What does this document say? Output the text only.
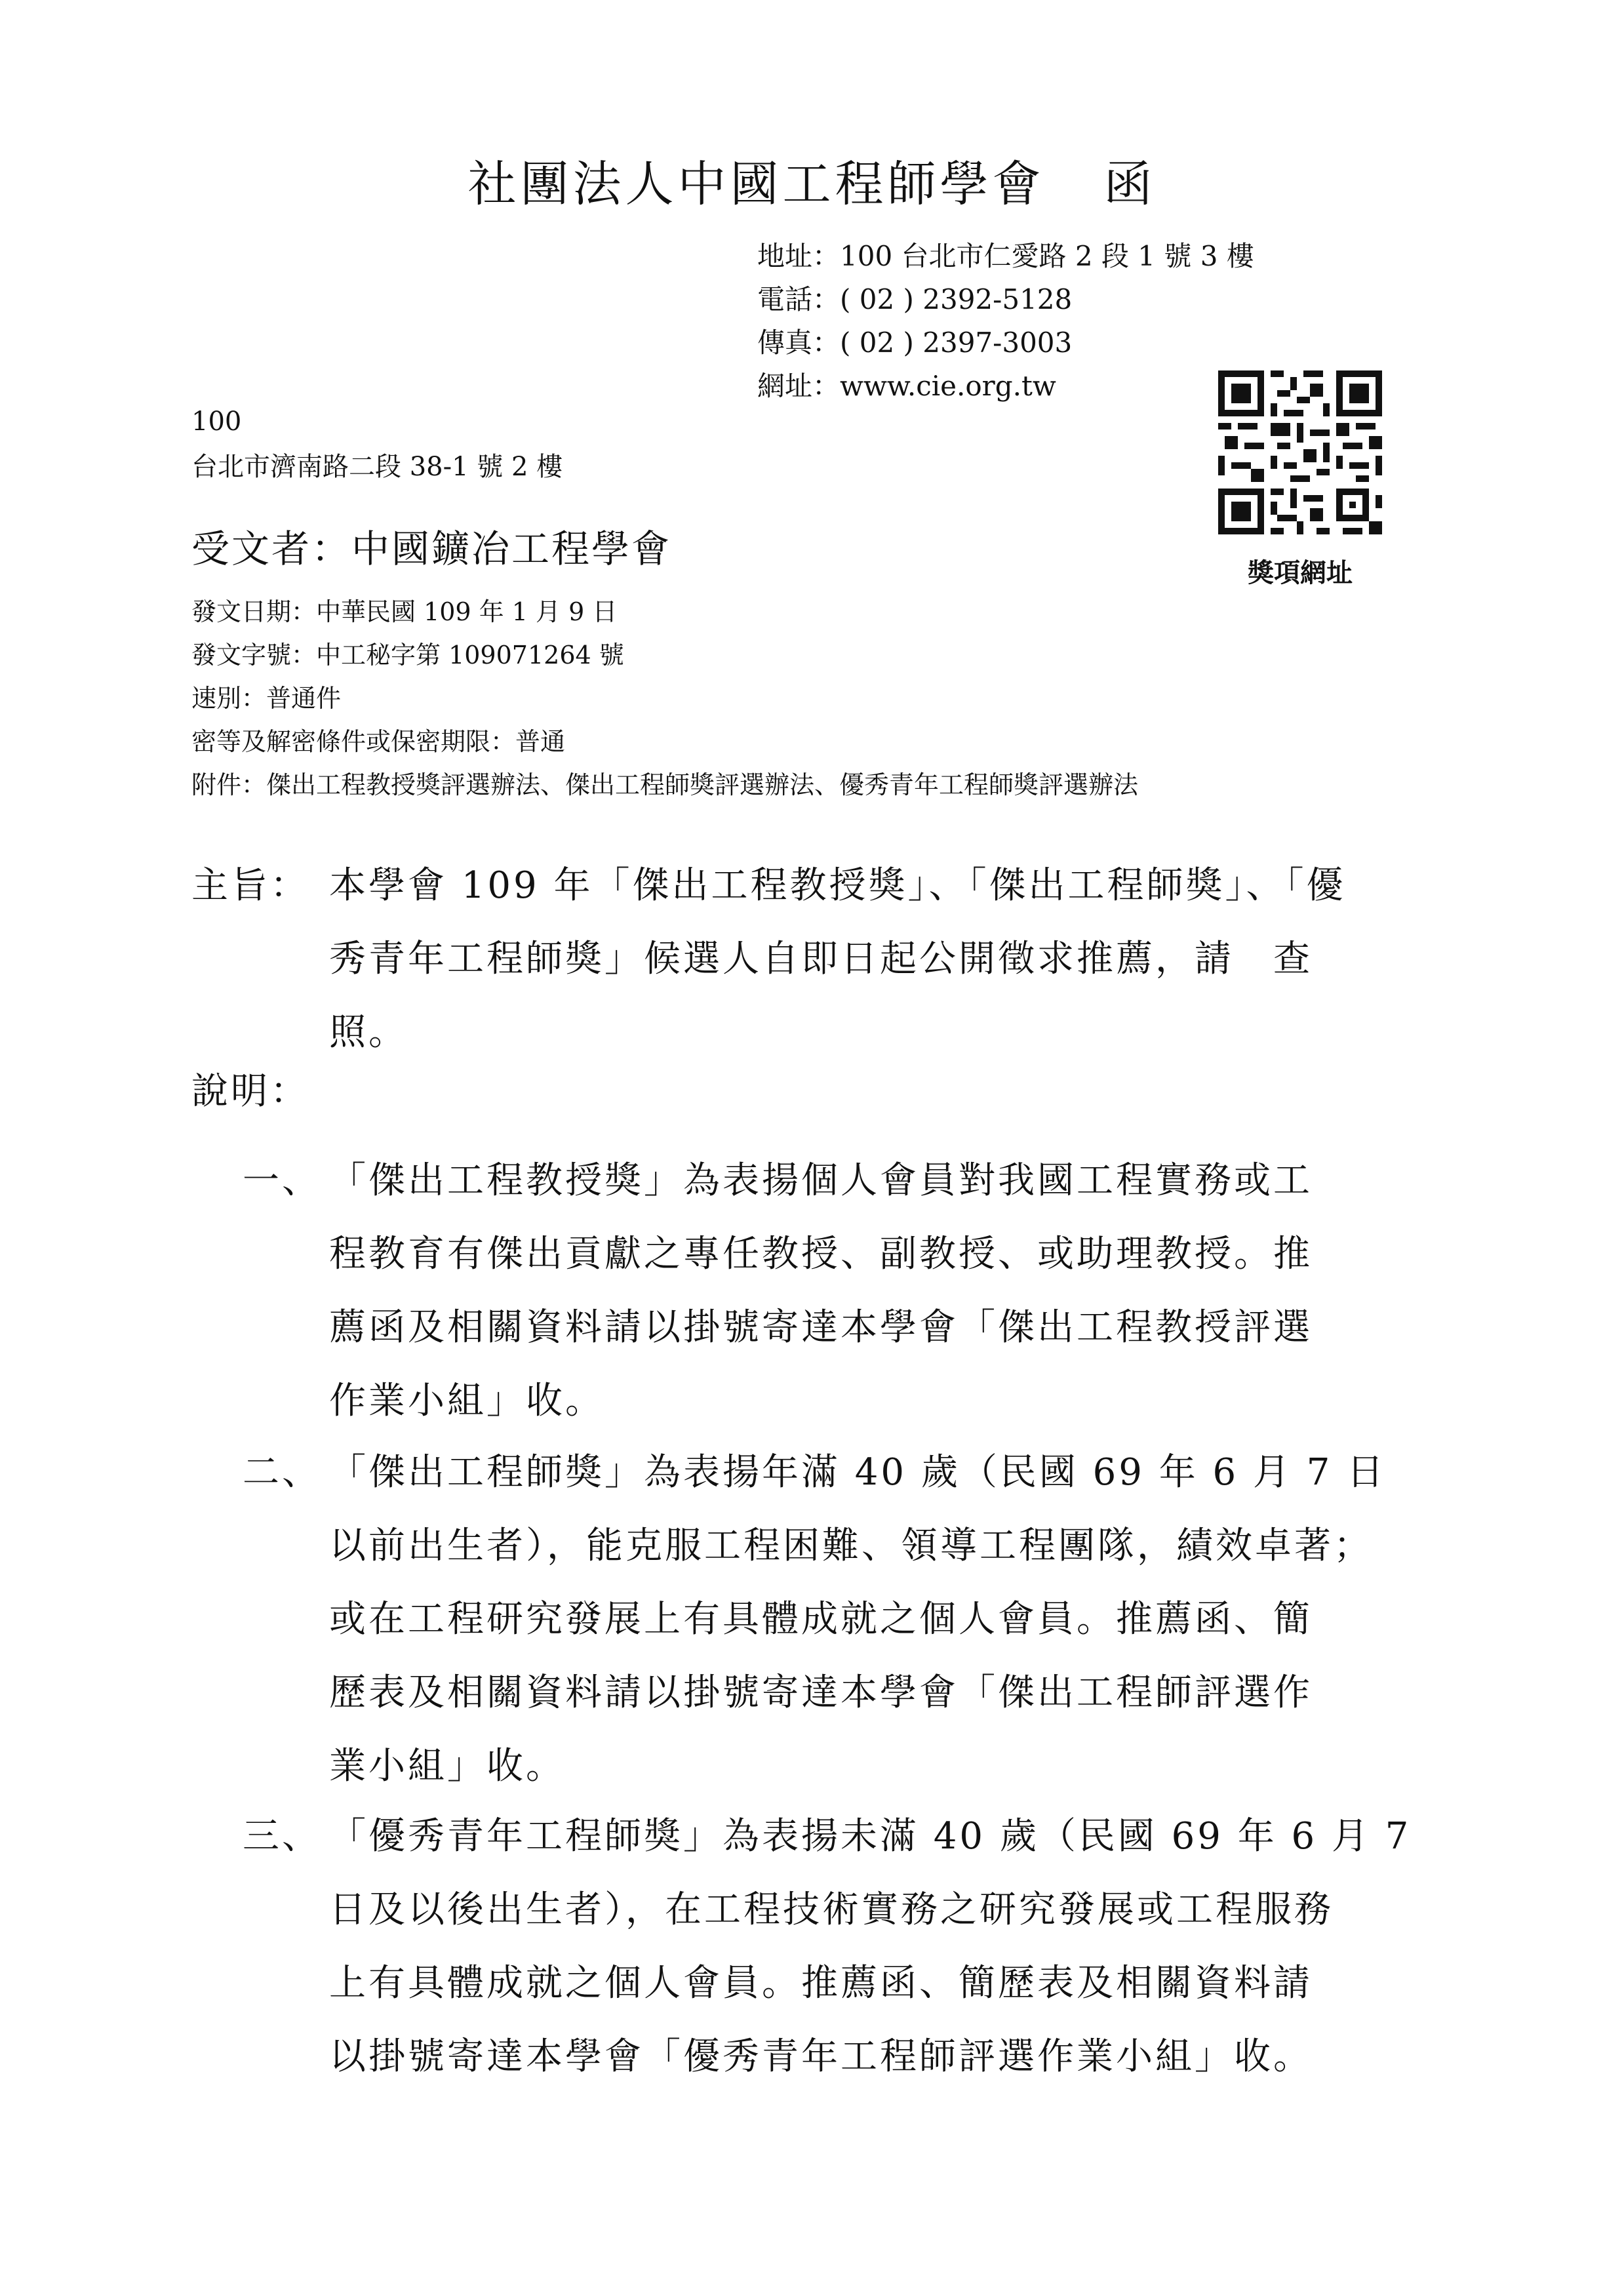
社團法人中國工程師學會 函
地址：100 台北市仁愛路 2 段 1 號 3 樓
電話：( 02 ) 2392-5128
傳真：( 02 ) 2397-3003
網址：www.cie.org.tw
獎項網址
100
台北市濟南路二段 38-1 號 2 樓
受文者：中國鑛冶工程學會
發文日期：中華民國 109 年 1 月 9 日
發文字號：中工秘字第 109071264 號
速別：普通件
密等及解密條件或保密期限：普通
附件：傑出工程教授獎評選辦法、傑出工程師獎評選辦法、優秀青年工程師獎評選辦法
主旨： 本學會 109 年「傑出工程教授獎」、「傑出工程師獎」、「優
秀青年工程師獎」候選人自即日起公開徵求推薦，請　查
照。
說明：
一、 「傑出工程教授獎」為表揚個人會員對我國工程實務或工
程教育有傑出貢獻之專任教授、副教授、或助理教授。推
薦函及相關資料請以掛號寄達本學會「傑出工程教授評選
作業小組」收。
二、 「傑出工程師獎」為表揚年滿 40 歲（民國 69 年 6 月 7 日
以前出生者），能克服工程困難、領導工程團隊，績效卓著；
或在工程研究發展上有具體成就之個人會員。推薦函、簡
歷表及相關資料請以掛號寄達本學會「傑出工程師評選作
業小組」收。
三、 「優秀青年工程師獎」為表揚未滿 40 歲（民國 69 年 6 月 7
日及以後出生者），在工程技術實務之研究發展或工程服務
上有具體成就之個人會員。推薦函、簡歷表及相關資料請
以掛號寄達本學會「優秀青年工程師評選作業小組」收。
